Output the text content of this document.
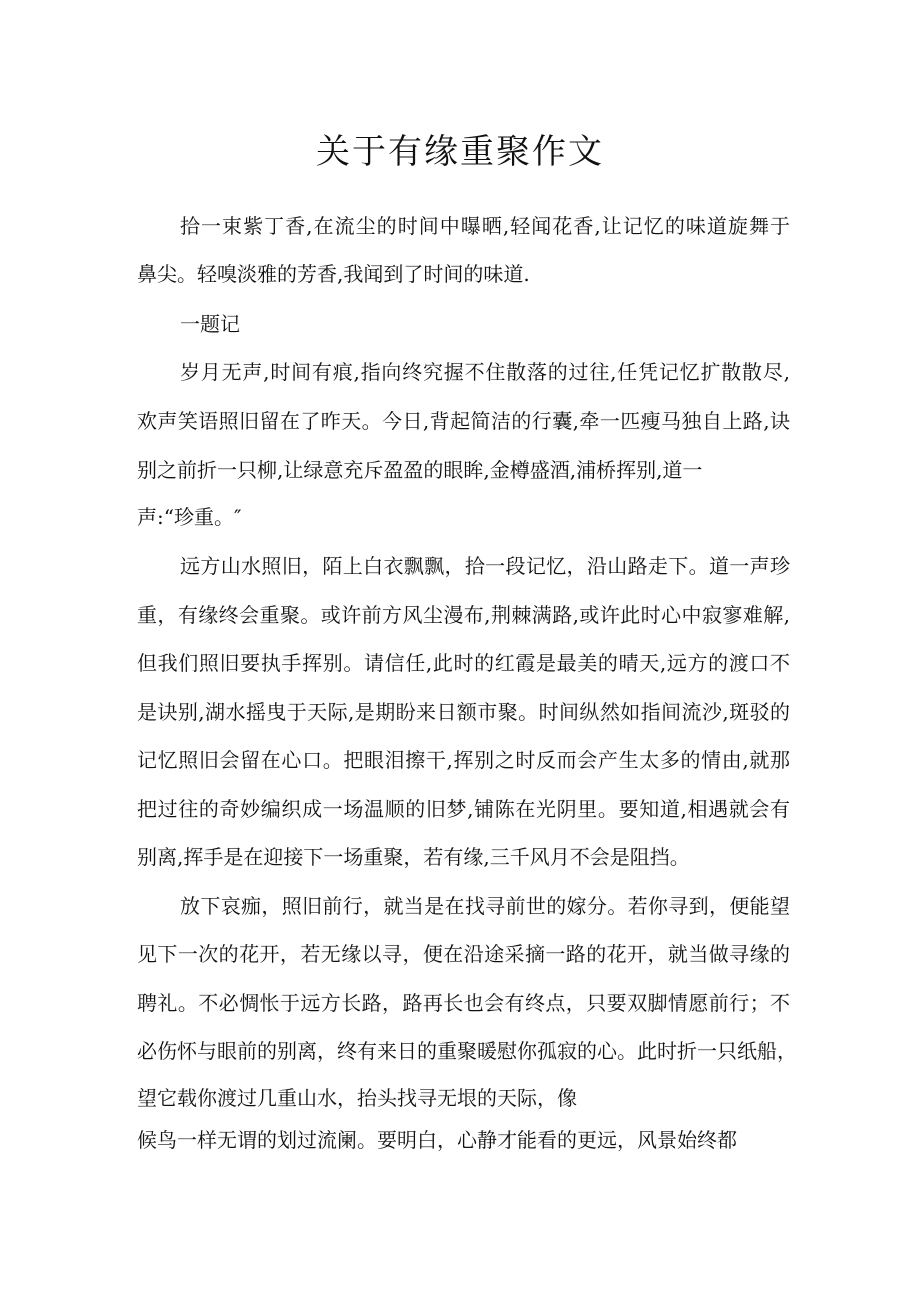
关于有缘重聚作文

拾一束紫丁香,在流尘的时间中曝晒,轻闻花香,让记忆的味道旋舞于

鼻尖。轻嗅淡雅的芳香,我闻到了时间的味道.

一题记

岁月无声,时间有痕,指向终究握不住散落的过往,任凭记忆扩散散尽,

欢声笑语照旧留在了昨天。今日,背起简洁的行囊,牵一匹瘦马独自上路,诀

别之前折一只柳,让绿意充斥盈盈的眼眸,金樽盛酒,浦桥挥别,道一

声:“珍重。″

远方山水照旧，陌上白衣飘飘，拾一段记忆，沿山路走下。道一声珍

重，有缘终会重聚。或许前方风尘漫布,荆棘满路,或许此时心中寂寥难解,

但我们照旧要执手挥别。请信任,此时的红霞是最美的晴天,远方的渡口不

是诀别,湖水摇曳于天际,是期盼来日额市聚。时间纵然如指间流沙,斑驳的

记忆照旧会留在心口。把眼泪擦干,挥别之时反而会产生太多的情由,就那

把过往的奇妙编织成一场温顺的旧梦,铺陈在光阴里。要知道,相遇就会有

别离,挥手是在迎接下一场重聚，若有缘,三千风月不会是阻挡。

放下哀痂，照旧前行，就当是在找寻前世的嫁分。若你寻到，便能望

见下一次的花开，若无缘以寻，便在沿途采摘一路的花开，就当做寻缘的

聘礼。不必惆怅于远方长路，路再长也会有终点，只要双脚情愿前行；不

必伤怀与眼前的别离，终有来日的重聚暖慰你孤寂的心。此时折一只纸船，

望它载你渡过几重山水，抬头找寻无垠的天际，像

候鸟一样无谓的划过流阑。要明白，心静才能看的更远，风景始终都
